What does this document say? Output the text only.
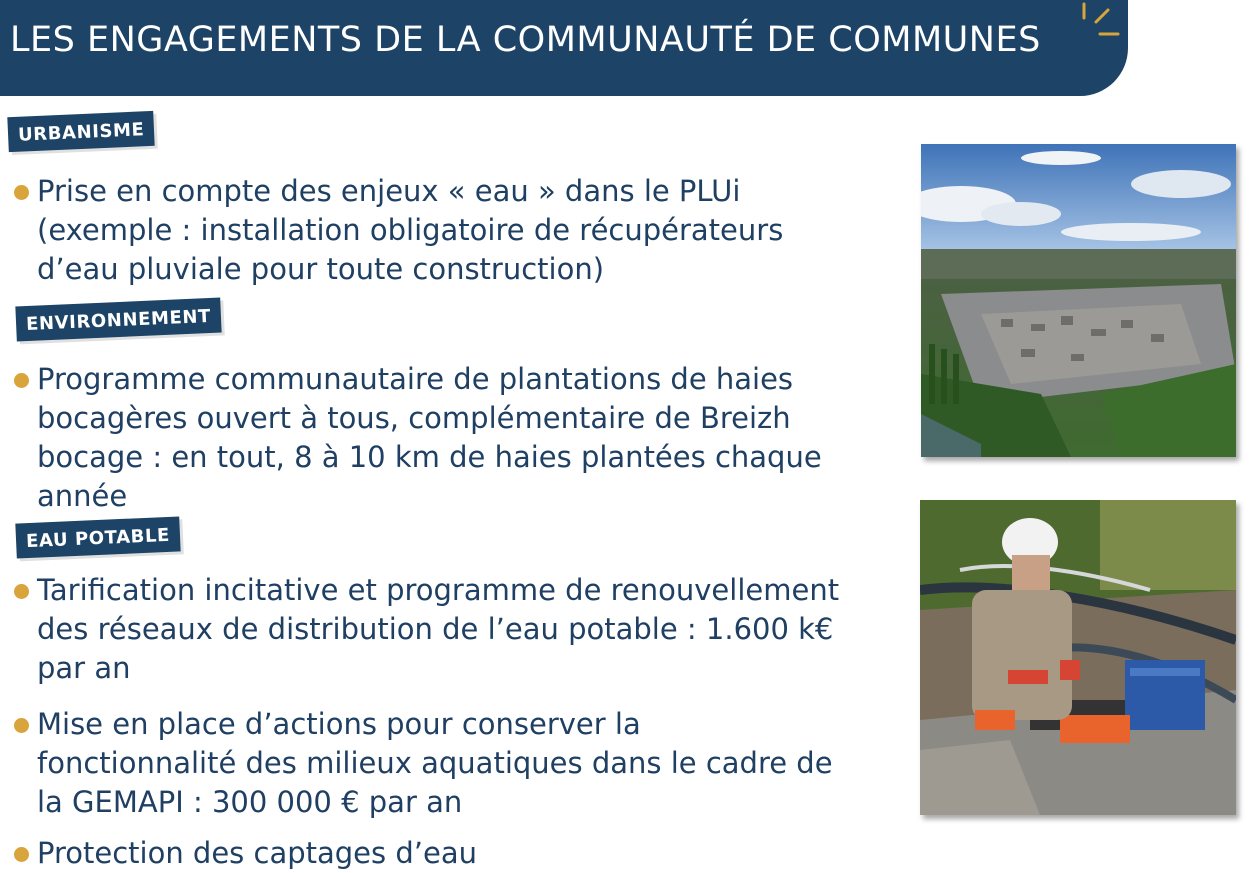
LES ENGAGEMENTS DE LA COMMUNAUTÉ DE COMMUNES
URBANISME
ENVIRONNEMENT
EAU POTABLE
Prise en compte des enjeux « eau » dans le PLUi
(exemple : installation obligatoire de récupérateurs
d’eau pluviale pour toute construction)
Programme communautaire de plantations de haies
bocagères ouvert à tous, complémentaire de Breizh
bocage : en tout, 8 à 10 km de haies plantées chaque
année
Tarification incitative et programme de renouvellement
des réseaux de distribution de l’eau potable : 1.600 k€
par an
Mise en place d’actions pour conserver la
fonctionnalité des milieux aquatiques dans le cadre de
la GEMAPI : 300 000 € par an
Protection des captages d’eau
